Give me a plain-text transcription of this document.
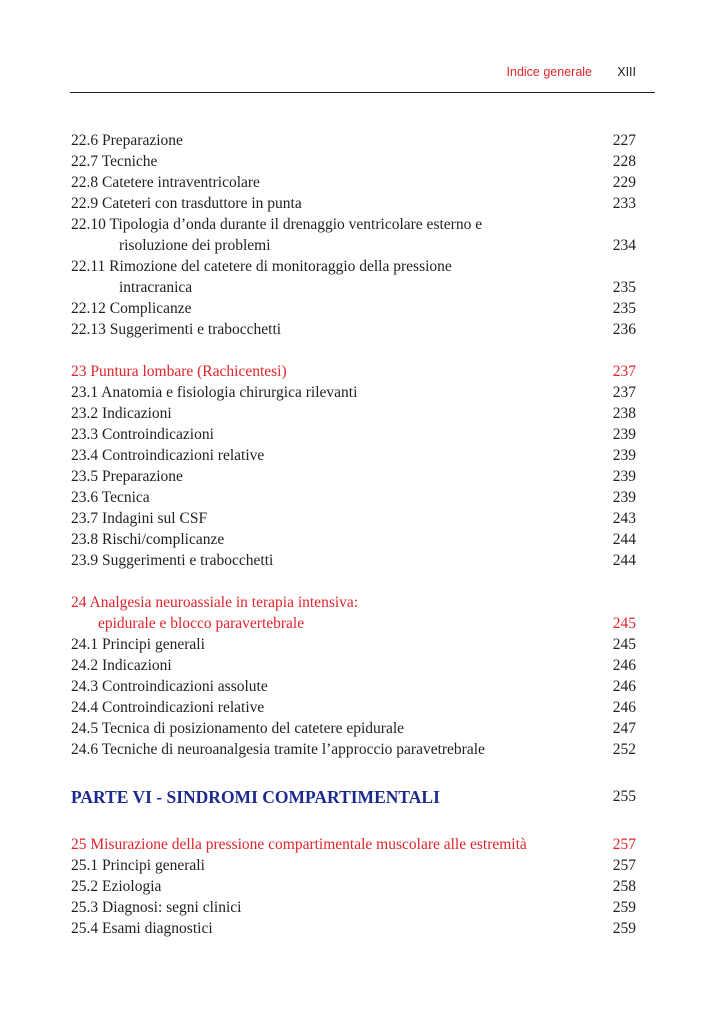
Indice generale XIII
22.6 Preparazione	227
22.7 Tecniche	228
22.8 Catetere intraventricolare	229
22.9 Cateteri con trasduttore in punta	233
22.10 Tipologia d’onda durante il drenaggio ventricolare esterno e
risoluzione dei problemi	234
22.11 Rimozione del catetere di monitoraggio della pressione
intracranica	235
22.12 Complicanze	235
22.13 Suggerimenti e trabocchetti	236
23 Puntura lombare (Rachicentesi)	237
23.1 Anatomia e fisiologia chirurgica rilevanti	237
23.2 Indicazioni	238
23.3 Controindicazioni	239
23.4 Controindicazioni relative	239
23.5 Preparazione	239
23.6 Tecnica	239
23.7 Indagini sul CSF	243
23.8 Rischi/complicanze	244
23.9 Suggerimenti e trabocchetti	244
24 Analgesia neuroassiale in terapia intensiva:
epidurale e blocco paravertebrale	245
24.1 Principi generali	245
24.2 Indicazioni	246
24.3 Controindicazioni assolute	246
24.4 Controindicazioni relative	246
24.5 Tecnica di posizionamento del catetere epidurale	247
24.6 Tecniche di neuroanalgesia tramite l’approccio paravetrebrale	252
PARTE VI - SINDROMI COMPARTIMENTALI	255
25 Misurazione della pressione compartimentale muscolare alle estremità	257
25.1 Principi generali	257
25.2 Eziologia	258
25.3 Diagnosi: segni clinici	259
25.4 Esami diagnostici	259
